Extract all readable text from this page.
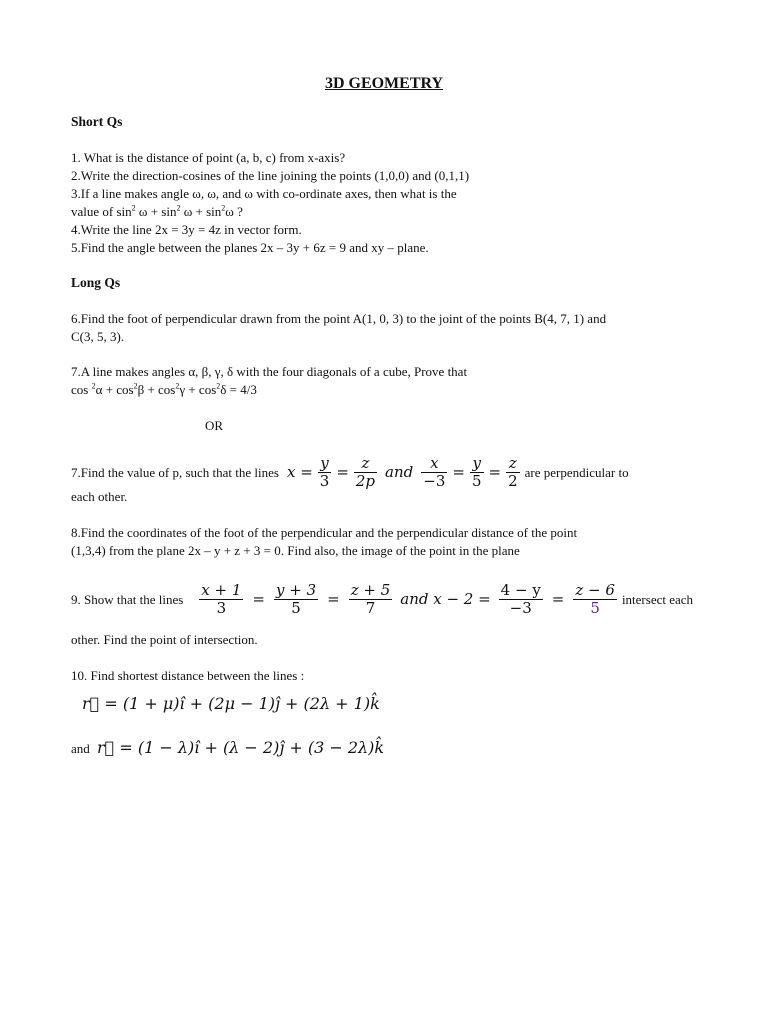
3D GEOMETRY
Short Qs
1. What is the distance of point (a, b, c) from x-axis?
2.Write the direction-cosines of the line joining the points (1,0,0) and (0,1,1)
3.If a line makes angle ω, ω, and ω with co-ordinate axes, then what is the
value of $\sin^2 \omega + \sin^2 \omega + \sin^2\omega$ ?
4.Write the line 2x = 3y = 4z in vector form.
5.Find the angle between the planes 2x – 3y + 6z = 9 and xy – plane.
Long Qs
6.Find the foot of perpendicular drawn from the point A(1, 0, 3) to the joint of the points B(4, 7, 1) and
C(3, 5, 3).
7.A line makes angles α, β, γ, δ with the four diagonals of a cube, Prove that
$\cos ^2\alpha + \cos^2\beta + \cos^2\gamma + \cos^2\delta = 4/3$
OR
7.Find the value of p, such that the lines $x = \frac{y}{3} = \frac{z}{2p}$ and $\frac{x}{-3} = \frac{y}{5} = \frac{z}{2}$ are perpendicular to
each other.
8.Find the coordinates of the foot of the perpendicular and the perpendicular distance of the point
(1,3,4) from the plane 2x – y + z + 3 = 0. Find also, the image of the point in the plane
9. Show that the lines $\frac{x + 1}{3} = \frac{y + 3}{5} = \frac{z + 5}{7}$ and $x - 2 = \frac{4 - y}{-3} = \frac{z - 6}{5}$ intersect each
other. Find the point of intersection.
10. Find shortest distance between the lines :
r⃗ = (1 + μ)î + (2μ − 1)ĵ + (2λ + 1)k̂
and r⃗ = (1 − λ)î + (λ − 2)ĵ + (3 − 2λ)k̂
